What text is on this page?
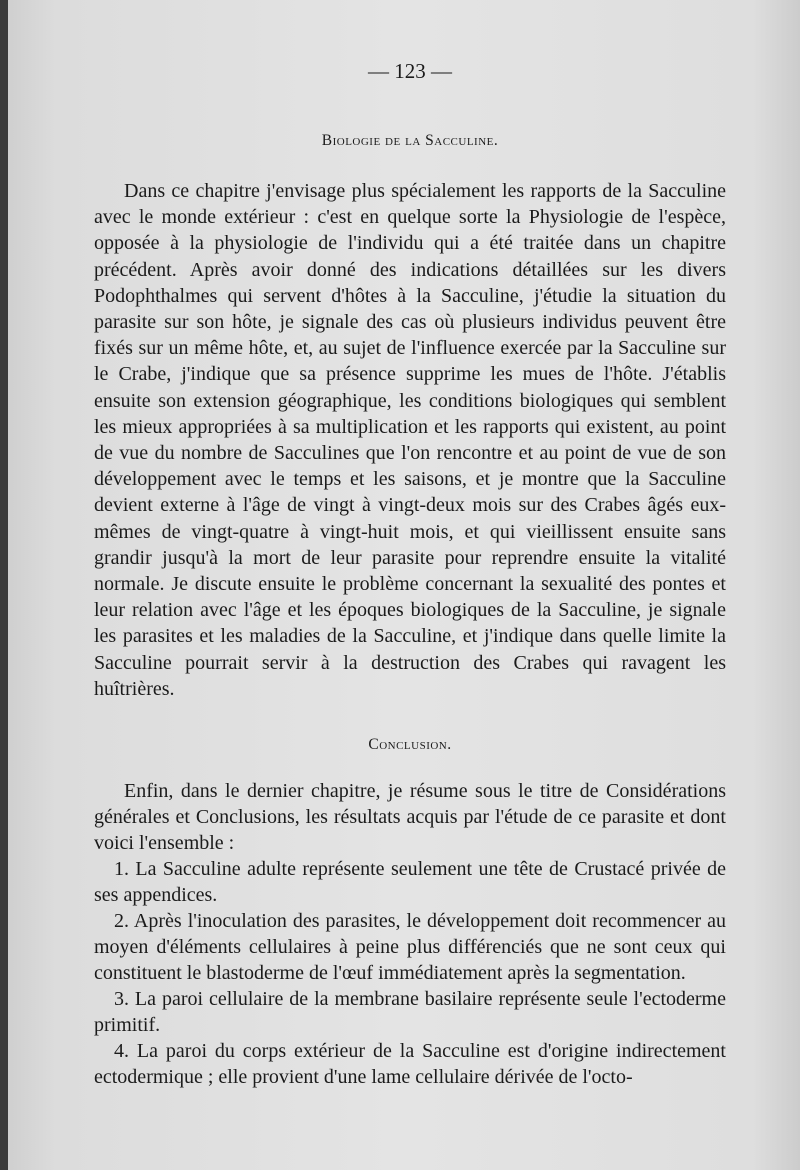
— 123 —
Biologie de la Sacculine.

Dans ce chapitre j'envisage plus spécialement les rapports de la Sacculine avec le monde extérieur : c'est en quelque sorte la Physiologie de l'espèce, opposée à la physiologie de l'individu qui a été traitée dans un chapitre précédent. Après avoir donné des indications détaillées sur les divers Podophthalmes qui servent d'hôtes à la Sacculine, j'étudie la situation du parasite sur son hôte, je signale des cas où plusieurs individus peuvent être fixés sur un même hôte, et, au sujet de l'influence exercée par la Sacculine sur le Crabe, j'indique que sa présence supprime les mues de l'hôte. J'établis ensuite son extension géographique, les conditions biologiques qui semblent les mieux appropriées à sa multiplication et les rapports qui existent, au point de vue du nombre de Sacculines que l'on rencontre et au point de vue de son développement avec le temps et les saisons, et je montre que la Sacculine devient externe à l'âge de vingt à vingt-deux mois sur des Crabes âgés eux-mêmes de vingt-quatre à vingt-huit mois, et qui vieillissent ensuite sans grandir jusqu'à la mort de leur parasite pour reprendre ensuite la vitalité normale. Je discute ensuite le problème concernant la sexualité des pontes et leur relation avec l'âge et les époques biologiques de la Sacculine, je signale les parasites et les maladies de la Sacculine, et j'indique dans quelle limite la Sacculine pourrait servir à la destruction des Crabes qui ravagent les huîtrières.

Conclusion.

Enfin, dans le dernier chapitre, je résume sous le titre de Considérations générales et Conclusions, les résultats acquis par l'étude de ce parasite et dont voici l'ensemble :

1. La Sacculine adulte représente seulement une tête de Crustacé privée de ses appendices.

2. Après l'inoculation des parasites, le développement doit recommencer au moyen d'éléments cellulaires à peine plus différenciés que ne sont ceux qui constituent le blastoderme de l'œuf immédiatement après la segmentation.

3. La paroi cellulaire de la membrane basilaire représente seule l'ectoderme primitif.

4. La paroi du corps extérieur de la Sacculine est d'origine indirectement ectodermique ; elle provient d'une lame cellulaire dérivée de l'octo-
